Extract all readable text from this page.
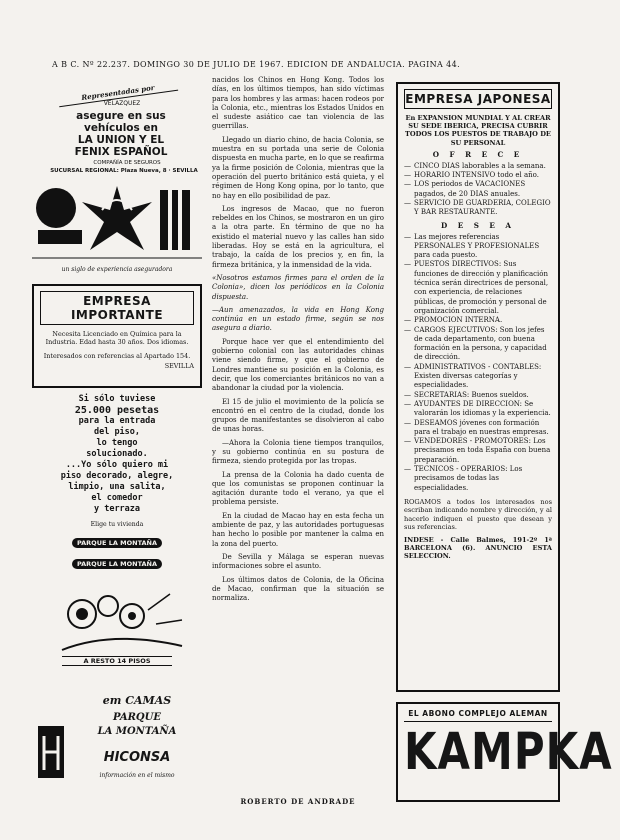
A B C. Nº 22.237. DOMINGO 30 DE JULIO DE 1967. EDICION DE ANDALUCIA. PAGINA 44.
Representadas por
VELAZQUEZ
asegure en sus
vehículos en
LA UNION Y EL
FENIX ESPAÑOL
COMPAÑÍA DE SEGUROS
SUCURSAL REGIONAL: Plaza Nueva, 8 · SEVILLA
un siglo de experiencia aseguradora
EMPRESA IMPORTANTE
Necesita Licenciado en Química para la Industria. Edad hasta 30 años. Dos idiomas.
Interesados con referencias al Apartado 154.
SEVILLA
Si sólo tuviese
25.000 pesetas
para la entrada
del piso,
lo tengo
solucionado.
...Yo sólo quiero mi
piso decorado, alegre,
limpio, una salita,
el comedor
y terraza
Elige tu vivienda
PARQUE LA MONTAÑA
PARQUE LA MONTAÑA
A RESTO 14 PISOS
em CAMAS
PARQUE
LA MONTAÑA
HICONSA
información en el mismo

nacidos los Chinos en Hong Kong. Todos los días, en los últimos tiempos, han sido víctimas para los hombres y las armas: hacen rodeos por la Colonia, etc., mientras los Estados Unidos en el sudeste asiático cae tan violencia de las guerrillas.

Llegado un diario chino, de hacia Colonia, se muestra en su portada una serie de Colonia dispuesta en mucha parte, en lo que se reafirma ya la firme posición de Colonia, mientras que la operación del puerto británico está quieta, y el régimen de Hong Kong opina, por lo tanto, que no hay en ello posibilidad de paz.

Los ingresos de Macao, que no fueron rebeldes en los Chinos, se mostraron en un giro a la otra parte. En término de que no ha existido el material nuevo y las calles han sido liberadas. Hoy se está en la agricultura, el trabajo, la caída de los precios y, en fin, la firmeza británica, y la inmensidad de la vida.

«Nosotros estamos firmes para el orden de la Colonia», dicen los periódicos en la Colonia dispuesta.

—Aun amenazados, la vida en Hong Kong continúa en un estado firme, según se nos asegura a diario.

Porque hace ver que el entendimiento del gobierno colonial con las autoridades chinas viene siendo firme, y que el gobierno de Londres mantiene su posición en la Colonia, es decir, que los comerciantes británicos no van a abandonar la ciudad por la violencia.

El 15 de julio el movimiento de la policía se encontró en el centro de la ciudad, donde los grupos de manifestantes se disolvieron al cabo de unas horas.

—Ahora la Colonia tiene tiempos tranquilos, y su gobierno continúa en su postura de firmeza, siendo protegida por las tropas.

La prensa de la Colonia ha dado cuenta de que los comunistas se proponen continuar la agitación durante todo el verano, ya que el problema persiste.

En la ciudad de Macao hay en esta fecha un ambiente de paz, y las autoridades portuguesas han hecho lo posible por mantener la calma en la zona del puerto.

De Sevilla y Málaga se esperan nuevas informaciones sobre el asunto.

Los últimos datos de Colonia, de la Oficina de Macao, confirman que la situación se normaliza.

ROBERTO DE ANDRADE
EMPRESA JAPONESA
En EXPANSION MUNDIAL Y AL CREAR SU SEDE IBERICA, PRECISA CUBRIR TODOS LOS PUESTOS DE TRABAJO DE SU PERSONAL
O F R E C E
— CINCO DIAS laborables a la semana.
— HORARIO INTENSIVO todo el año.
— LOS periodos de VACACIONES pagados, de 20 DIAS anuales.
— SERVICIO DE GUARDERIA, COLEGIO Y BAR RESTAURANTE.
D E S E A
— Las mejores referencias PERSONALES Y PROFESIONALES para cada puesto.
— PUESTOS DIRECTIVOS: Sus funciones de dirección y planificación técnica serán directrices de personal, con experiencia, de relaciones públicas, de promoción y personal de organización comercial.
— PROMOCION INTERNA.
— CARGOS EJECUTIVOS: Son los jefes de cada departamento, con buena formación en la persona, y capacidad de dirección.
— ADMINISTRATIVOS - CONTABLES: Existen diversas categorías y especialidades.
— SECRETARIAS: Buenos sueldos.
— AYUDANTES DE DIRECCION: Se valorarán los idiomas y la experiencia.
— DESEAMOS jóvenes con formación para el trabajo en nuestras empresas.
— VENDEDORES - PROMOTORES: Los precisamos en toda España con buena preparación.
— TECNICOS - OPERARIOS: Los precisamos de todas las especialidades.
ROGAMOS a todos los interesados nos escriban indicando nombre y dirección, y al hacerlo indiquen el puesto que desean y sus referencias.
INDESE - Calle Balmes, 191-2º 1ª BARCELONA (6). ANUNCIO ESTA SELECCION.
EL ABONO COMPLEJO ALEMAN
KAMPKA
